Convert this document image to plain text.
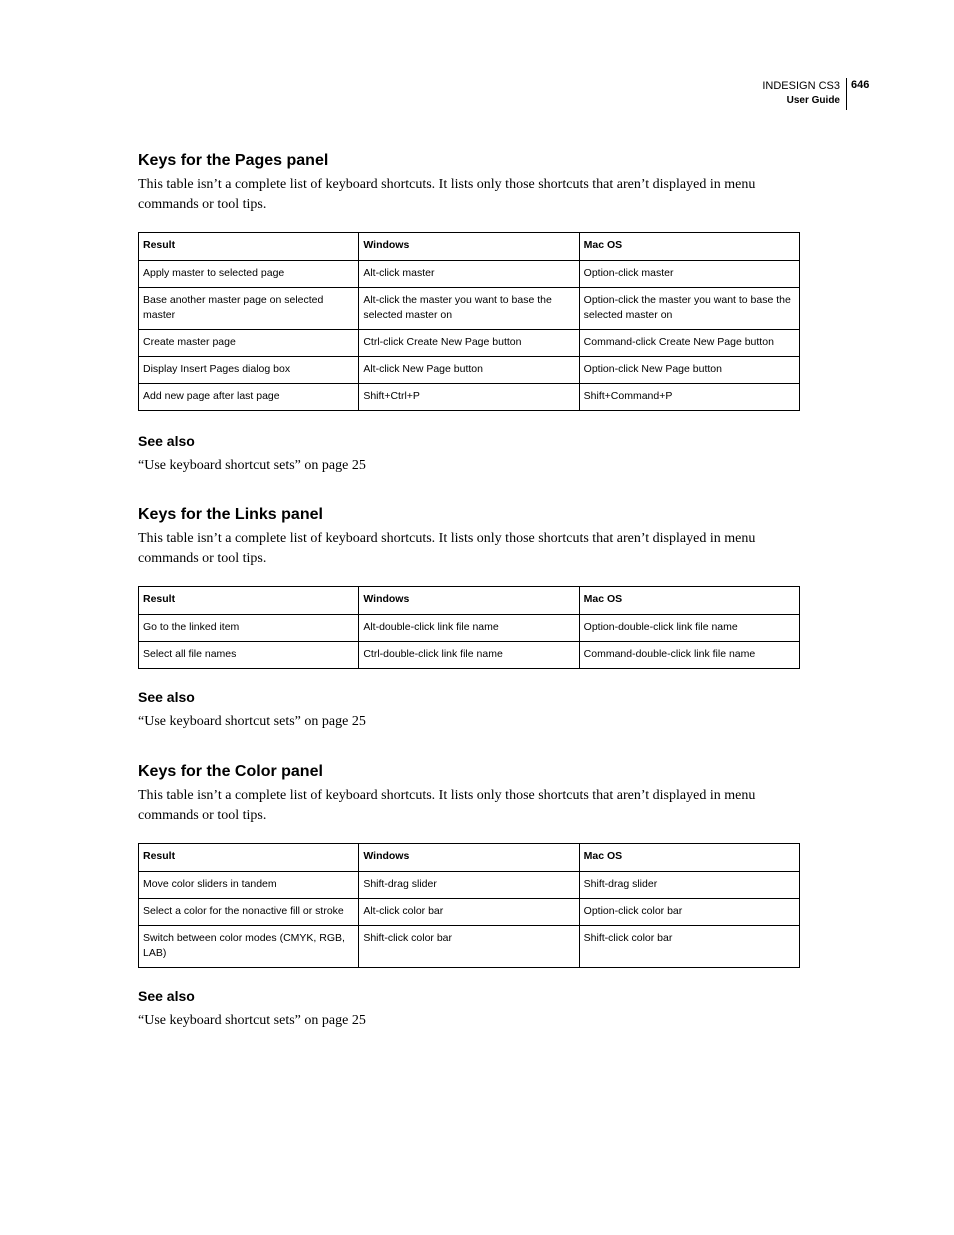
INDESIGN CS3
User Guide
646
Keys for the Pages panel

This table isn’t a complete list of keyboard shortcuts. It lists only those shortcuts that aren’t displayed in menu commands or tool tips.

Result	Windows	Mac OS
Apply master to selected page	Alt-click master	Option-click master
Base another master page on selected master	Alt-click the master you want to base the selected master on	Option-click the master you want to base the selected master on
Create master page	Ctrl-click Create New Page button	Command-click Create New Page button
Display Insert Pages dialog box	Alt-click New Page button	Option-click New Page button
Add new page after last page	Shift+Ctrl+P	Shift+Command+P
See also
“Use keyboard shortcut sets” on page 25
Keys for the Links panel

This table isn’t a complete list of keyboard shortcuts. It lists only those shortcuts that aren’t displayed in menu commands or tool tips.

Result	Windows	Mac OS
Go to the linked item	Alt-double-click link file name	Option-double-click link file name
Select all file names	Ctrl-double-click link file name	Command-double-click link file name
See also
“Use keyboard shortcut sets” on page 25
Keys for the Color panel

This table isn’t a complete list of keyboard shortcuts. It lists only those shortcuts that aren’t displayed in menu commands or tool tips.

Result	Windows	Mac OS
Move color sliders in tandem	Shift-drag slider	Shift-drag slider
Select a color for the nonactive fill or stroke	Alt-click color bar	Option-click color bar
Switch between color modes (CMYK, RGB, LAB)	Shift-click color bar	Shift-click color bar
See also
“Use keyboard shortcut sets” on page 25
